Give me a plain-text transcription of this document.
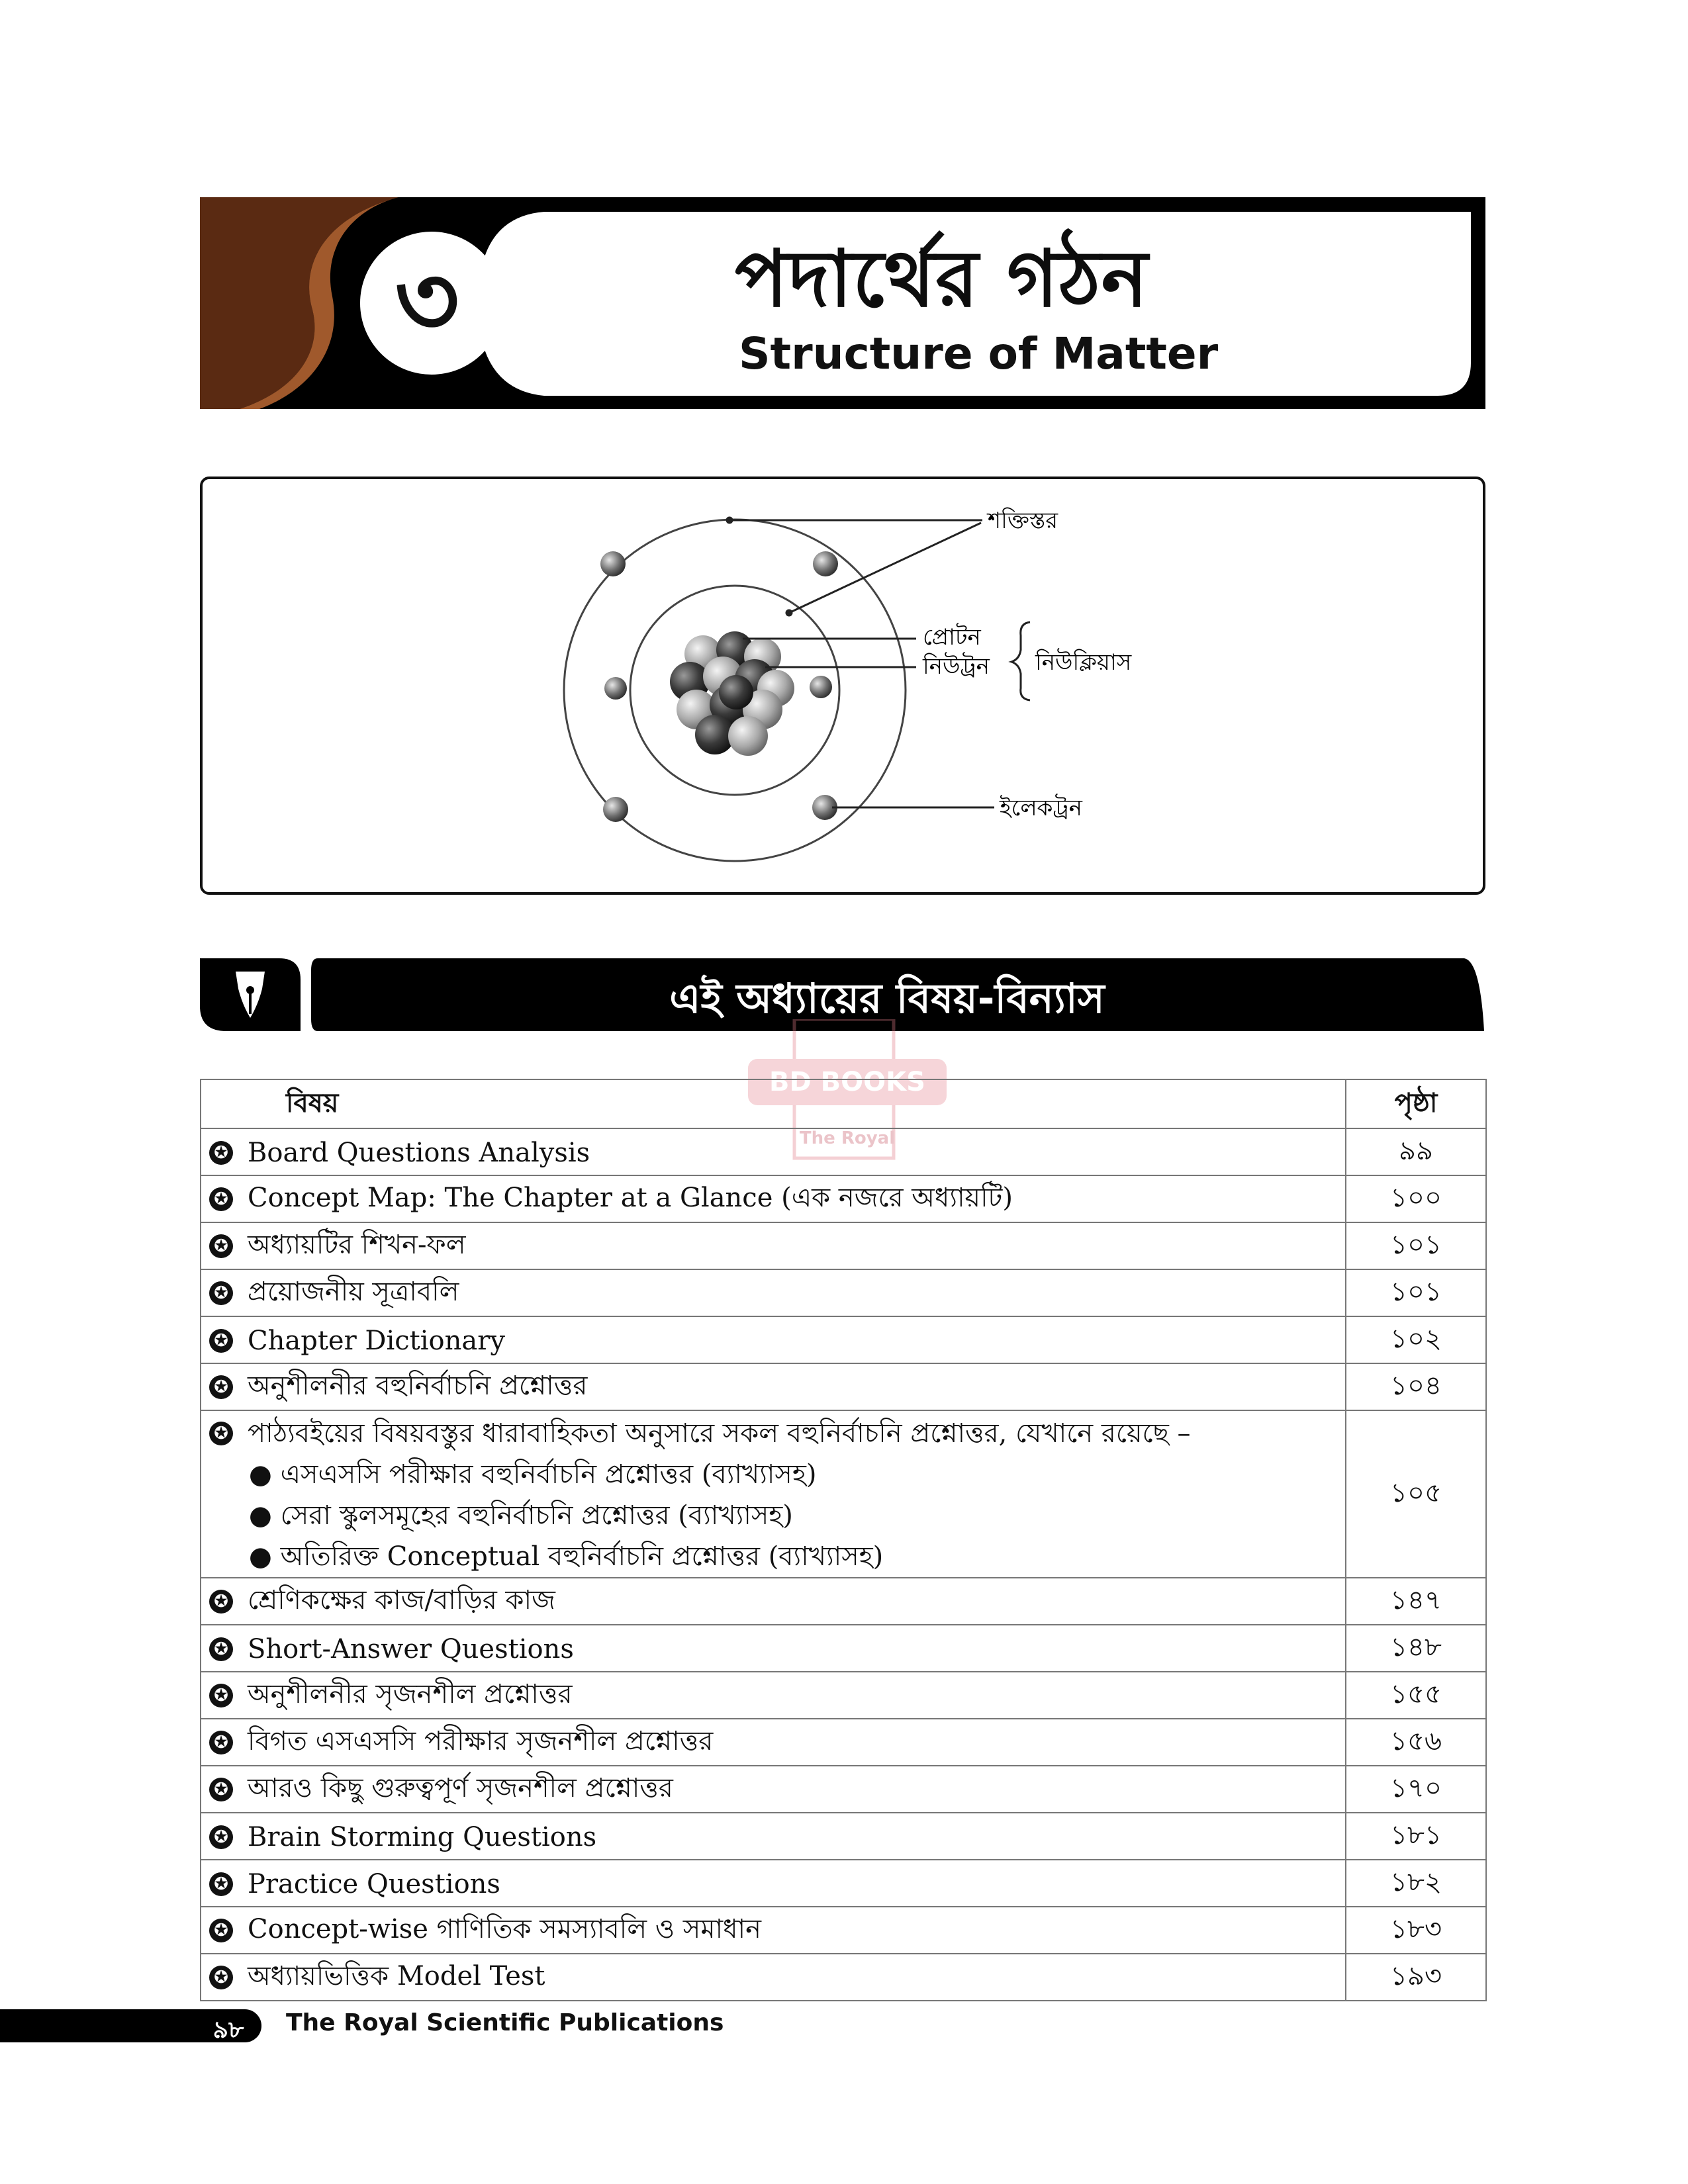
৩	পদার্থের গঠন
Structure of Matter
শক্তিস্তর
প্রোটন
নিউট্রন নিউক্লিয়াস
ইলেকট্রন
এই অধ্যায়ের বিষয়-বিন্যাস
BD BOOKS
The Royal
বিষয়	পৃষ্ঠা
✪ Board Questions Analysis	৯৯
✪ Concept Map: The Chapter at a Glance (এক নজরে অধ্যায়টি)	১০০
✪ অধ্যায়টির শিখন-ফল	১০১
✪ প্রয়োজনীয় সূত্রাবলি	১০১
✪ Chapter Dictionary	১০২
✪ অনুশীলনীর বহুনির্বাচনি প্রশ্নোত্তর	১০৪

✪ পাঠ্যবইয়ের বিষয়বস্তুর ধারাবাহিকতা অনুসারে সকল বহুনির্বাচনি প্রশ্নোত্তর, যেখানে রয়েছে –
● এসএসসি পরীক্ষার বহুনির্বাচনি প্রশ্নোত্তর (ব্যাখ্যাসহ)
● সেরা স্কুলসমূহের বহুনির্বাচনি প্রশ্নোত্তর (ব্যাখ্যাসহ)
● অতিরিক্ত Conceptual বহুনির্বাচনি প্রশ্নোত্তর (ব্যাখ্যাসহ)	১০৫
✪ শ্রেণিকক্ষের কাজ/বাড়ির কাজ	১৪৭
✪ Short-Answer Questions	১৪৮
✪ অনুশীলনীর সৃজনশীল প্রশ্নোত্তর	১৫৫
✪ বিগত এসএসসি পরীক্ষার সৃজনশীল প্রশ্নোত্তর	১৫৬
✪ আরও কিছু গুরুত্বপূর্ণ সৃজনশীল প্রশ্নোত্তর	১৭০
✪ Brain Storming Questions	১৮১
✪ Practice Questions	১৮২
✪ Concept-wise গাণিতিক সমস্যাবলি ও সমাধান	১৮৩
✪ অধ্যায়ভিত্তিক Model Test	১৯৩
৯৮	The Royal Scientific Publications
